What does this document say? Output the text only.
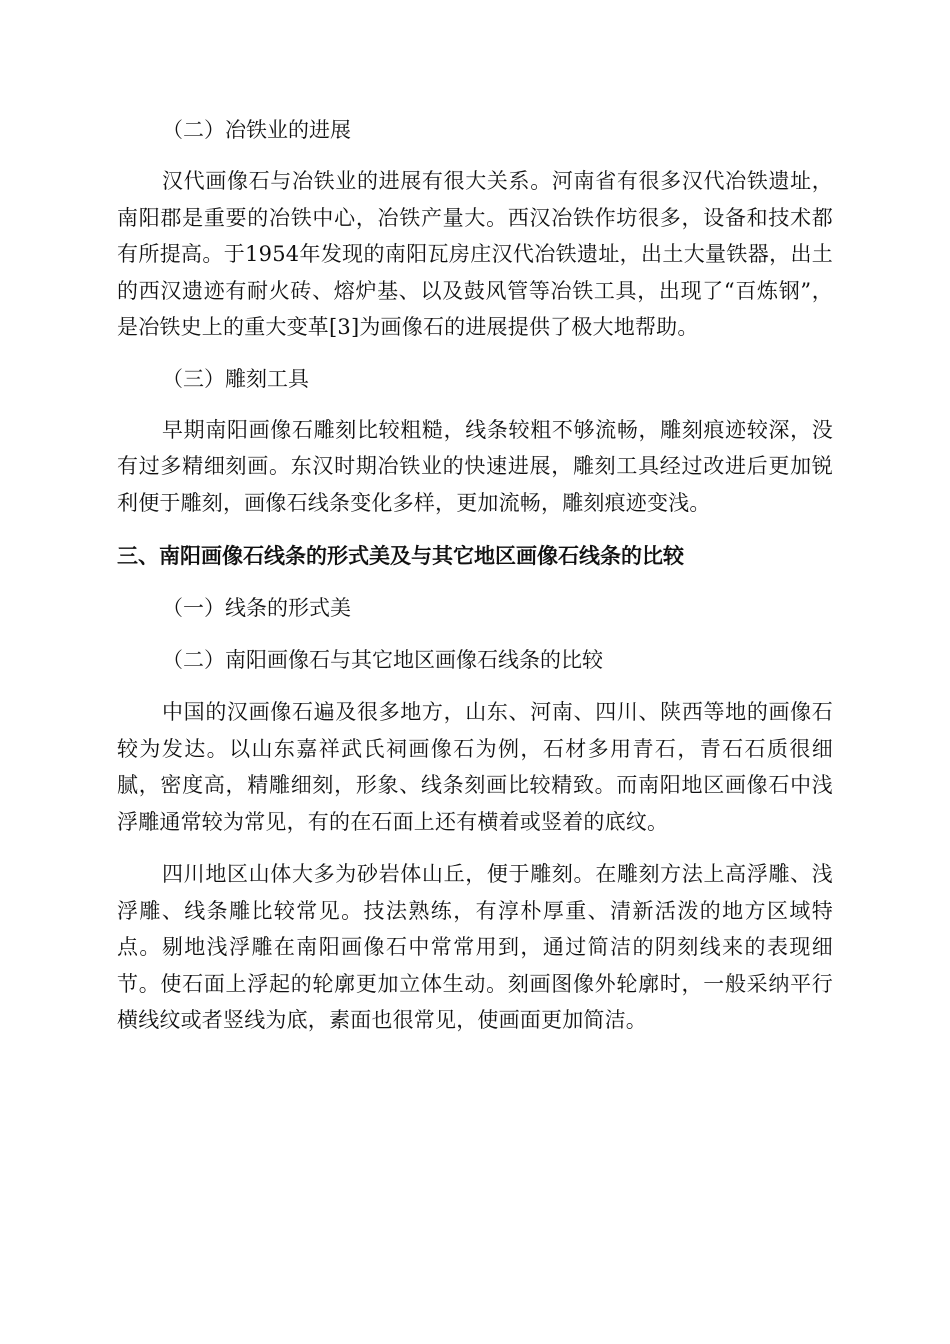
（二）冶铁业的进展

汉代画像石与冶铁业的进展有很大关系。河南省有很多汉代冶铁遗址，南阳郡是重要的冶铁中心，冶铁产量大。西汉冶铁作坊很多，设备和技术都有所提高。于1954年发现的南阳瓦房庄汉代冶铁遗址，出土大量铁器，出土的西汉遗迹有耐火砖、熔炉基、以及鼓风管等冶铁工具，出现了“百炼钢”，是冶铁史上的重大变革[3]为画像石的进展提供了极大地帮助。

（三）雕刻工具

早期南阳画像石雕刻比较粗糙，线条较粗不够流畅，雕刻痕迹较深，没有过多精细刻画。东汉时期冶铁业的快速进展，雕刻工具经过改进后更加锐利便于雕刻，画像石线条变化多样，更加流畅，雕刻痕迹变浅。

三、南阳画像石线条的形式美及与其它地区画像石线条的比较

（一）线条的形式美

（二）南阳画像石与其它地区画像石线条的比较

中国的汉画像石遍及很多地方，山东、河南、四川、陕西等地的画像石较为发达。以山东嘉祥武氏祠画像石为例，石材多用青石，青石石质很细腻，密度高，精雕细刻，形象、线条刻画比较精致。而南阳地区画像石中浅浮雕通常较为常见，有的在石面上还有横着或竖着的底纹。

四川地区山体大多为砂岩体山丘，便于雕刻。在雕刻方法上高浮雕、浅浮雕、线条雕比较常见。技法熟练，有淳朴厚重、清新活泼的地方区域特点。剔地浅浮雕在南阳画像石中常常用到，通过简洁的阴刻线来的表现细节。使石面上浮起的轮廓更加立体生动。刻画图像外轮廓时，一般采纳平行横线纹或者竖线为底，素面也很常见，使画面更加简洁。
